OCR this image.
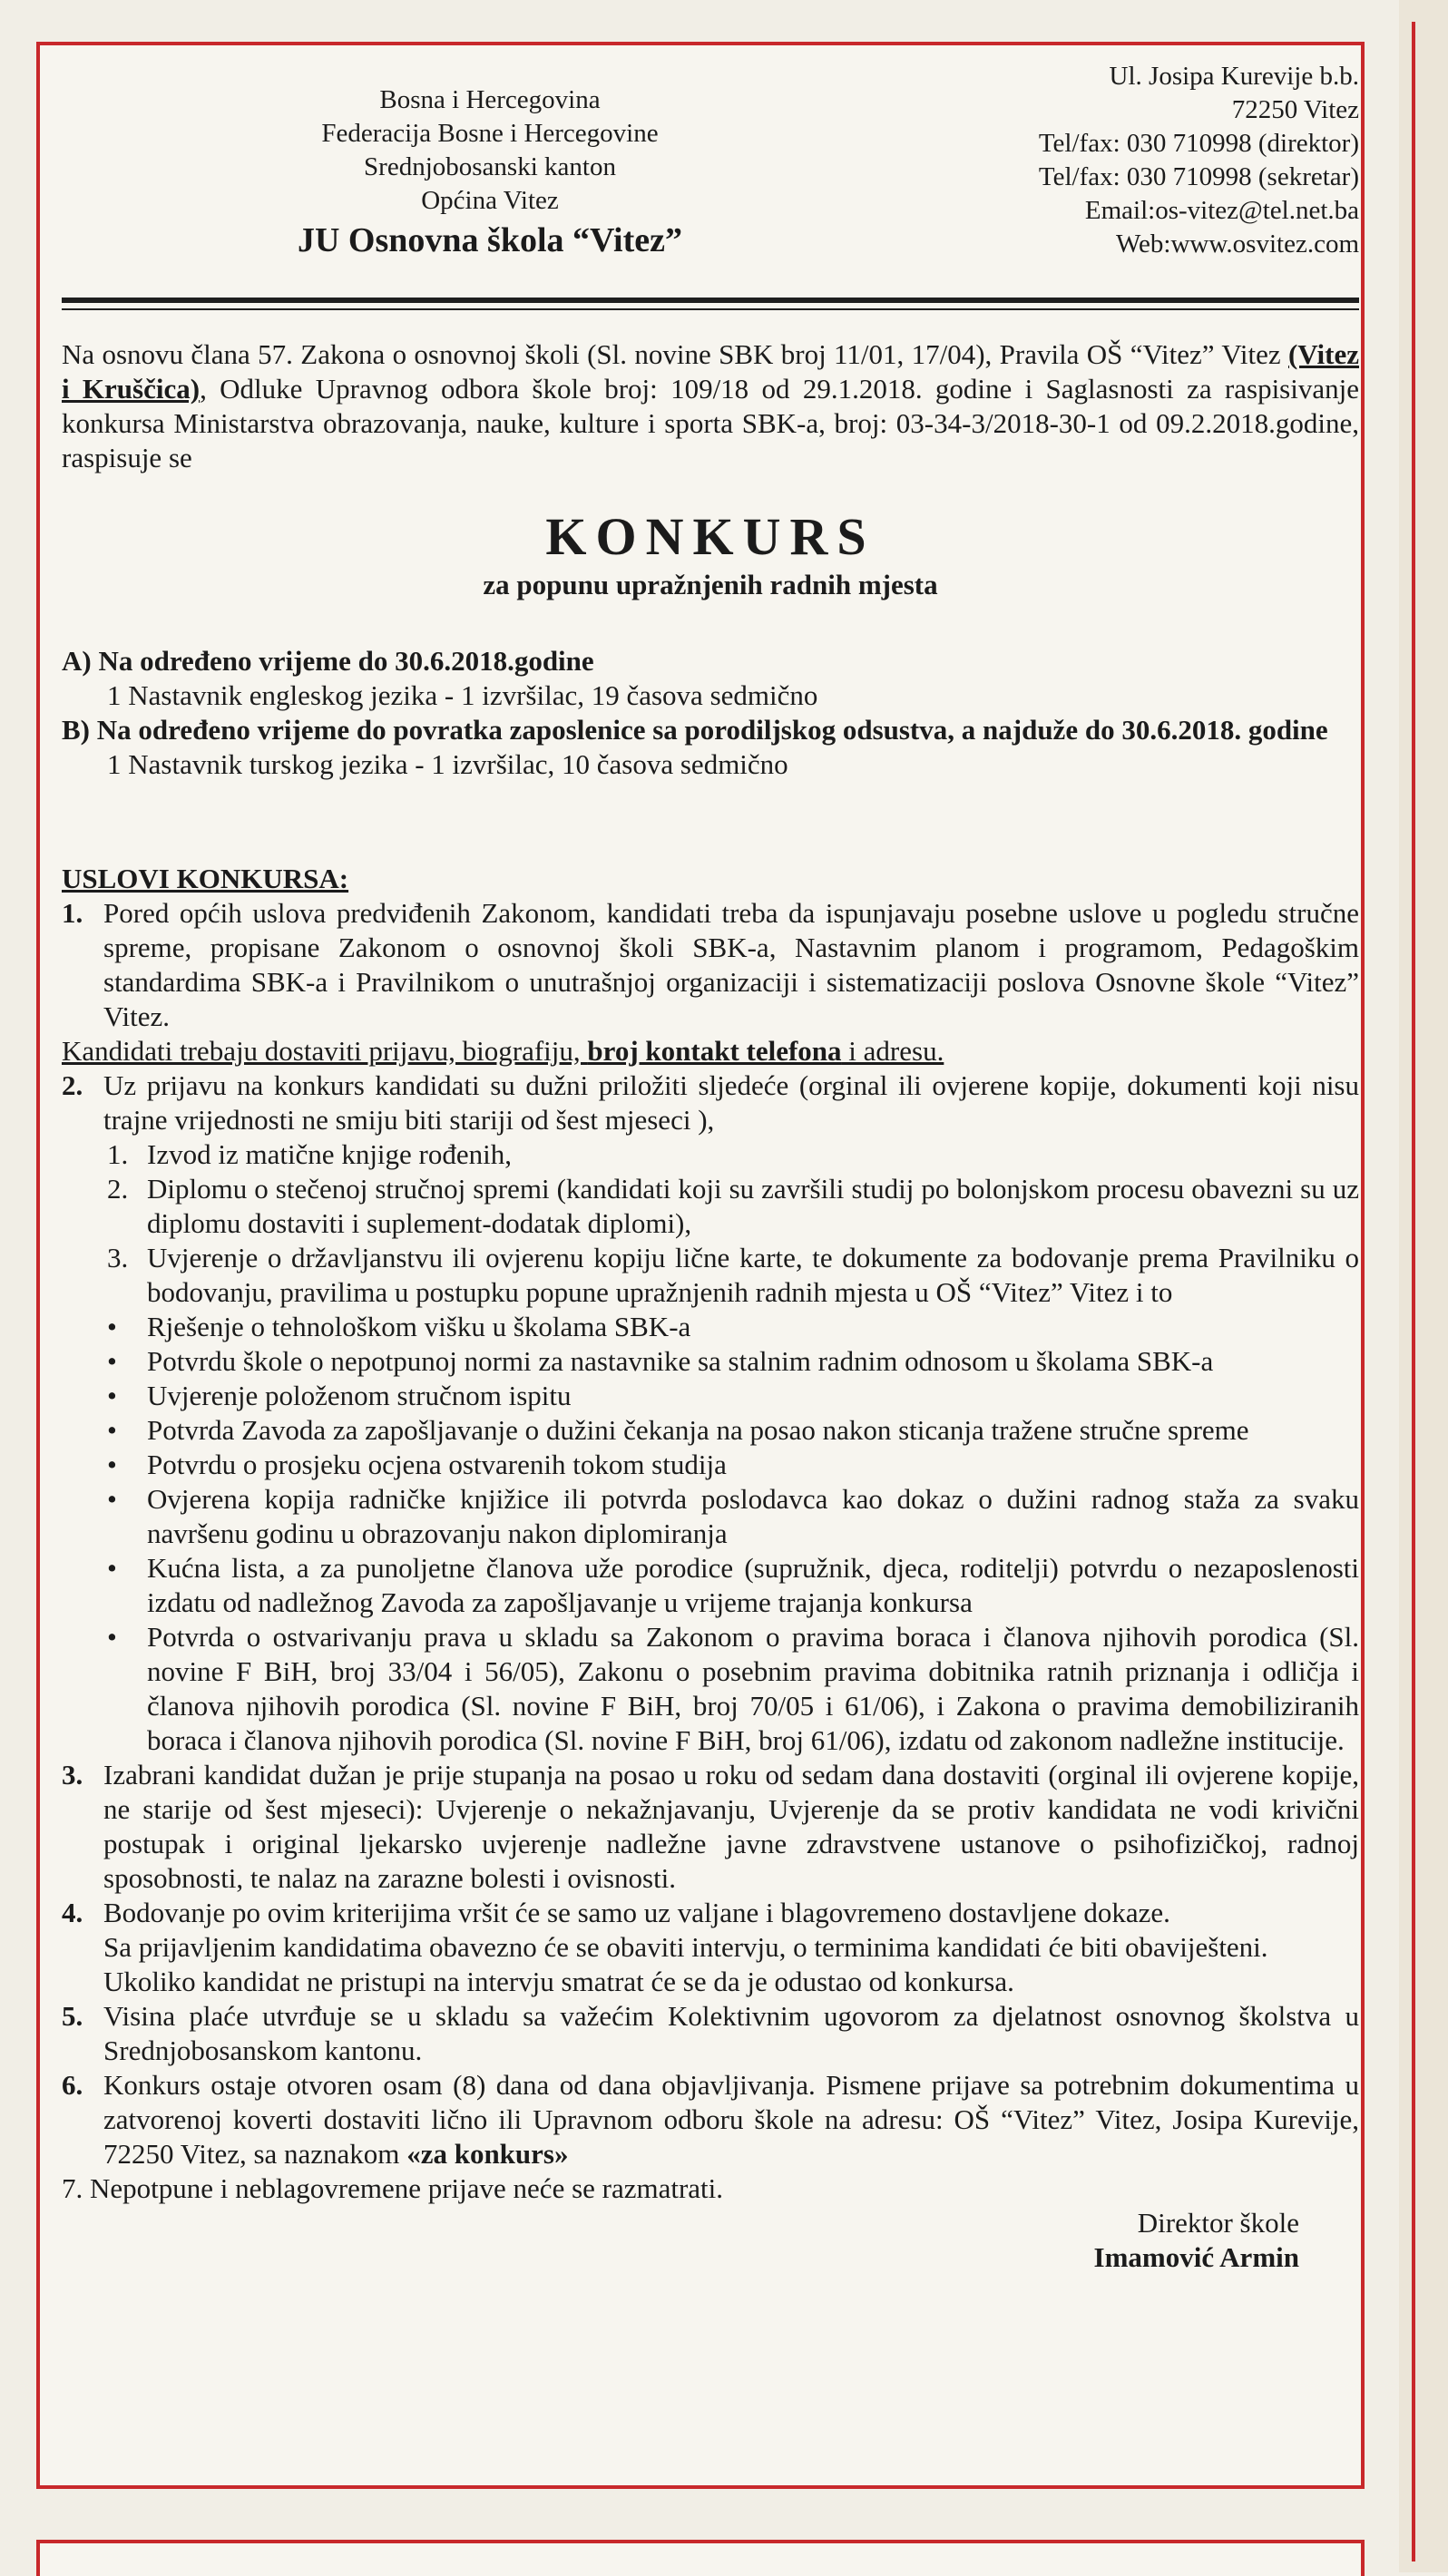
Bosna i Hercegovina
Federacija Bosne i Hercegovine
Srednjobosanski kanton
Općina Vitez
JU Osnovna škola “Vitez”
Ul. Josipa Kurevije b.b.
72250 Vitez
Tel/fax: 030 710998 (direktor)
Tel/fax: 030 710998 (sekretar)
Email:os-vitez@tel.net.ba
Web:www.osvitez.com
Na osnovu člana 57. Zakona o osnovnoj školi (Sl. novine SBK broj 11/01, 17/04), Pravila OŠ “Vitez” Vitez (Vitez i Kruščica), Odluke Upravnog odbora škole broj: 109/18 od 29.1.2018. godine i Saglasnosti za raspisivanje konkursa Ministarstva obrazovanja, nauke, kulture i sporta SBK-a, broj: 03-34-3/2018-30-1 od 09.2.2018.godine, raspisuje se
KONKURS
za popunu upražnjenih radnih mjesta
A) Na određeno vrijeme do 30.6.2018.godine
1 Nastavnik engleskog jezika - 1 izvršilac, 19 časova sedmično
B) Na određeno vrijeme do povratka zaposlenice sa porodiljskog odsustva, a najduže do 30.6.2018. godine
1 Nastavnik turskog jezika - 1 izvršilac, 10 časova sedmično
USLOVI KONKURSA:
1. Pored općih uslova predviđenih Zakonom, kandidati treba da ispunjavaju posebne uslove u pogledu stručne spreme, propisane Zakonom o osnovnoj školi SBK-a, Nastavnim planom i programom, Pedagoškim standardima SBK-a i Pravilnikom o unutrašnjoj organizaciji i sistematizaciji poslova Osnovne škole “Vitez” Vitez.
Kandidati trebaju dostaviti prijavu, biografiju, broj kontakt telefona i adresu.
2. Uz prijavu na konkurs kandidati su dužni priložiti sljedeće (orginal ili ovjerene kopije, dokumenti koji nisu trajne vrijednosti ne smiju biti stariji od šest mjeseci ),
1. Izvod iz matične knjige rođenih,
2. Diplomu o stečenoj stručnoj spremi (kandidati koji su završili studij po bolonjskom procesu obavezni su uz diplomu dostaviti i suplement-dodatak diplomi),
3. Uvjerenje o državljanstvu ili ovjerenu kopiju lične karte, te dokumente za bodovanje prema Pravilniku o bodovanju, pravilima u postupku popune upražnjenih radnih mjesta u OŠ “Vitez” Vitez i to
•	Rješenje o tehnološkom višku u školama SBK-a
•	Potvrdu škole o nepotpunoj normi za nastavnike sa stalnim radnim odnosom u školama SBK-a
•	Uvjerenje položenom stručnom ispitu
•	Potvrda Zavoda za zapošljavanje o dužini čekanja na posao nakon sticanja tražene stručne spreme
•	Potvrdu o prosjeku ocjena ostvarenih tokom studija
•	Ovjerena kopija radničke knjižice ili potvrda poslodavca kao dokaz o dužini radnog staža za svaku navršenu godinu u obrazovanju nakon diplomiranja
•	Kućna lista, a za punoljetne članova uže porodice (supružnik, djeca, roditelji) potvrdu o nezaposlenosti izdatu od nadležnog Zavoda za zapošljavanje u vrijeme trajanja konkursa
•	Potvrda o ostvarivanju prava u skladu sa Zakonom o pravima boraca i članova njihovih porodica (Sl. novine F BiH, broj 33/04 i 56/05), Zakonu o posebnim pravima dobitnika ratnih priznanja i odličja i članova njihovih porodica (Sl. novine F BiH, broj 70/05 i 61/06), i Zakona o pravima demobiliziranih boraca i članova njihovih porodica (Sl. novine F BiH, broj 61/06), izdatu od zakonom nadležne institucije.
3. Izabrani kandidat dužan je prije stupanja na posao u roku od sedam dana dostaviti (orginal ili ovjerene kopije, ne starije od šest mjeseci): Uvjerenje o nekažnjavanju, Uvjerenje da se protiv kandidata ne vodi krivični postupak i original ljekarsko uvjerenje nadležne javne zdravstvene ustanove o psihofizičkoj, radnoj sposobnosti, te nalaz na zarazne bolesti i ovisnosti.
4. Bodovanje po ovim kriterijima vršit će se samo uz valjane i blagovremeno dostavljene dokaze.
Sa prijavljenim kandidatima obavezno će se obaviti intervju, o terminima kandidati će biti obaviješteni.
Ukoliko kandidat ne pristupi na intervju smatrat će se da je odustao od konkursa.
5. Visina plaće utvrđuje se u skladu sa važećim Kolektivnim ugovorom za djelatnost osnovnog školstva u Srednjobosanskom kantonu.
6. Konkurs ostaje otvoren osam (8) dana od dana objavljivanja. Pismene prijave sa potrebnim dokumentima u zatvorenoj koverti dostaviti lično ili Upravnom odboru škole na adresu: OŠ “Vitez” Vitez, Josipa Kurevije, 72250 Vitez, sa naznakom «za konkurs»
7. Nepotpune i neblagovremene prijave neće se razmatrati.
Direktor škole
Imamović Armin
